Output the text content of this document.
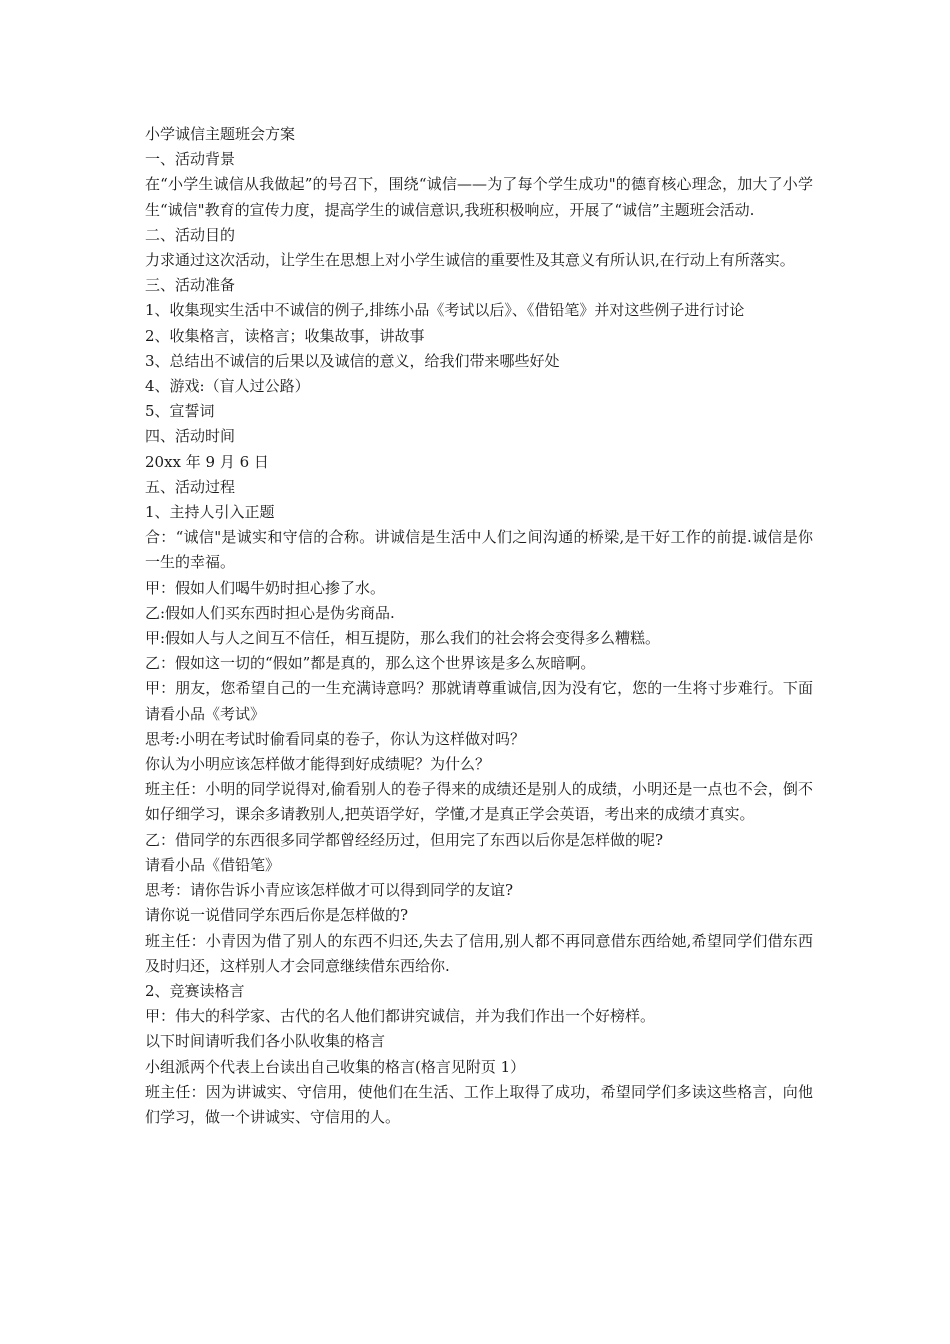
小学诚信主题班会方案

一、活动背景

在“小学生诚信从我做起”的号召下，围绕“诚信——为了每个学生成功"的德育核心理念，加大了小学生“诚信"教育的宣传力度，提高学生的诚信意识,我班积极响应，开展了“诚信”主题班会活动.

二、活动目的

力求通过这次活动，让学生在思想上对小学生诚信的重要性及其意义有所认识,在行动上有所落实。

三、活动准备

1、收集现实生活中不诚信的例子,排练小品《考试以后》、《借铅笔》并对这些例子进行讨论

2、收集格言，读格言；收集故事，讲故事

3、总结出不诚信的后果以及诚信的意义，给我们带来哪些好处

4、游戏:（盲人过公路）

5、宣誓词

四、活动时间

20xx 年 9 月 6 日

五、活动过程

1、主持人引入正题

合：“诚信"是诚实和守信的合称。讲诚信是生活中人们之间沟通的桥梁,是干好工作的前提.诚信是你一生的幸福。

甲：假如人们喝牛奶时担心掺了水。

乙:假如人们买东西时担心是伪劣商品.

甲:假如人与人之间互不信任，相互提防，那么我们的社会将会变得多么糟糕。

乙：假如这一切的“假如”都是真的，那么这个世界该是多么灰暗啊。

甲：朋友，您希望自己的一生充满诗意吗？那就请尊重诚信,因为没有它，您的一生将寸步难行。下面请看小品《考试》

思考:小明在考试时偷看同桌的卷子，你认为这样做对吗？

你认为小明应该怎样做才能得到好成绩呢？为什么？

班主任：小明的同学说得对,偷看别人的卷子得来的成绩还是别人的成绩，小明还是一点也不会，倒不如仔细学习，课余多请教别人,把英语学好，学懂,才是真正学会英语，考出来的成绩才真实。

乙：借同学的东西很多同学都曾经经历过，但用完了东西以后你是怎样做的呢?

请看小品《借铅笔》

思考：请你告诉小青应该怎样做才可以得到同学的友谊?

请你说一说借同学东西后你是怎样做的?

班主任：小青因为借了别人的东西不归还,失去了信用,别人都不再同意借东西给她,希望同学们借东西及时归还，这样别人才会同意继续借东西给你.

2、竞赛读格言

甲：伟大的科学家、古代的名人他们都讲究诚信，并为我们作出一个好榜样。

以下时间请听我们各小队收集的格言

小组派两个代表上台读出自己收集的格言(格言见附页 1）

班主任：因为讲诚实、守信用，使他们在生活、工作上取得了成功，希望同学们多读这些格言，向他们学习，做一个讲诚实、守信用的人。
